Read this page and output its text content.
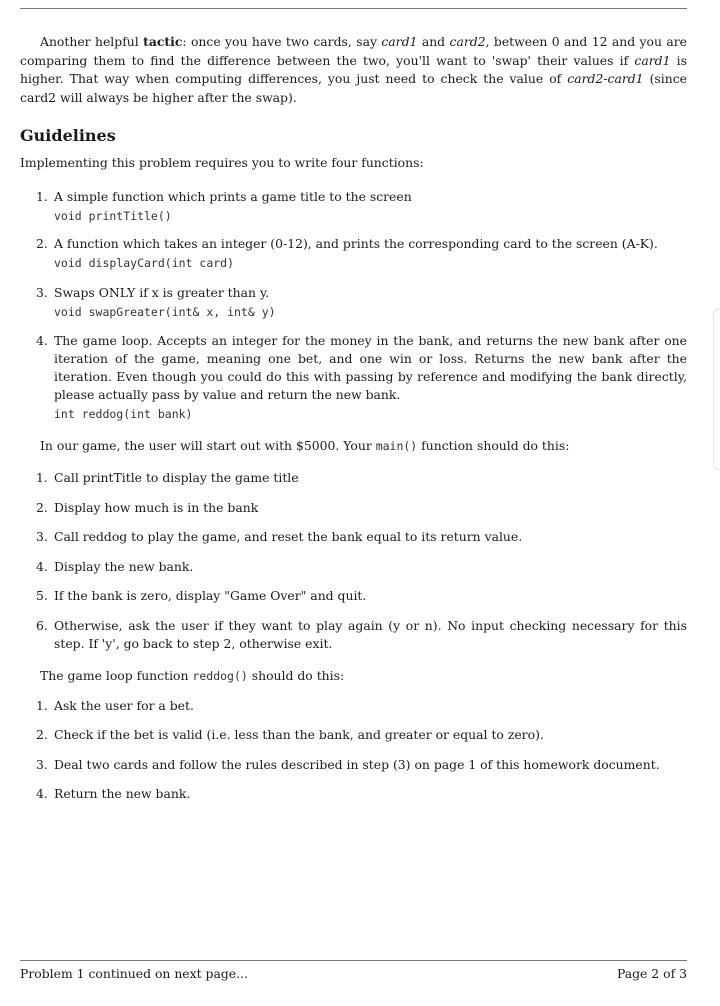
Another helpful tactic: once you have two cards, say card1 and card2, between 0 and 12 and you are comparing them to find the difference between the two, you'll want to 'swap' their values if card1 is higher. That way when computing differences, you just need to check the value of card2-card1 (since card2 will always be higher after the swap).
Guidelines
Implementing this problem requires you to write four functions:
1. A simple function which prints a game title to the screen
void printTitle()
2. A function which takes an integer (0-12), and prints the corresponding card to the screen (A-K).
void displayCard(int card)
3. Swaps ONLY if x is greater than y.
void swapGreater(int& x, int& y)
4. The game loop. Accepts an integer for the money in the bank, and returns the new bank after one iteration of the game, meaning one bet, and one win or loss. Returns the new bank after the iteration. Even though you could do this with passing by reference and modifying the bank directly, please actually pass by value and return the new bank.
int reddog(int bank)
In our game, the user will start out with $5000. Your main() function should do this:
1. Call printTitle to display the game title
2. Display how much is in the bank
3. Call reddog to play the game, and reset the bank equal to its return value.
4. Display the new bank.
5. If the bank is zero, display "Game Over" and quit.
6. Otherwise, ask the user if they want to play again (y or n). No input checking necessary for this step. If 'y', go back to step 2, otherwise exit.
The game loop function reddog() should do this:
1. Ask the user for a bet.
2. Check if the bet is valid (i.e. less than the bank, and greater or equal to zero).
3. Deal two cards and follow the rules described in step (3) on page 1 of this homework document.
4. Return the new bank.
Problem 1 continued on next page...	Page 2 of 3
